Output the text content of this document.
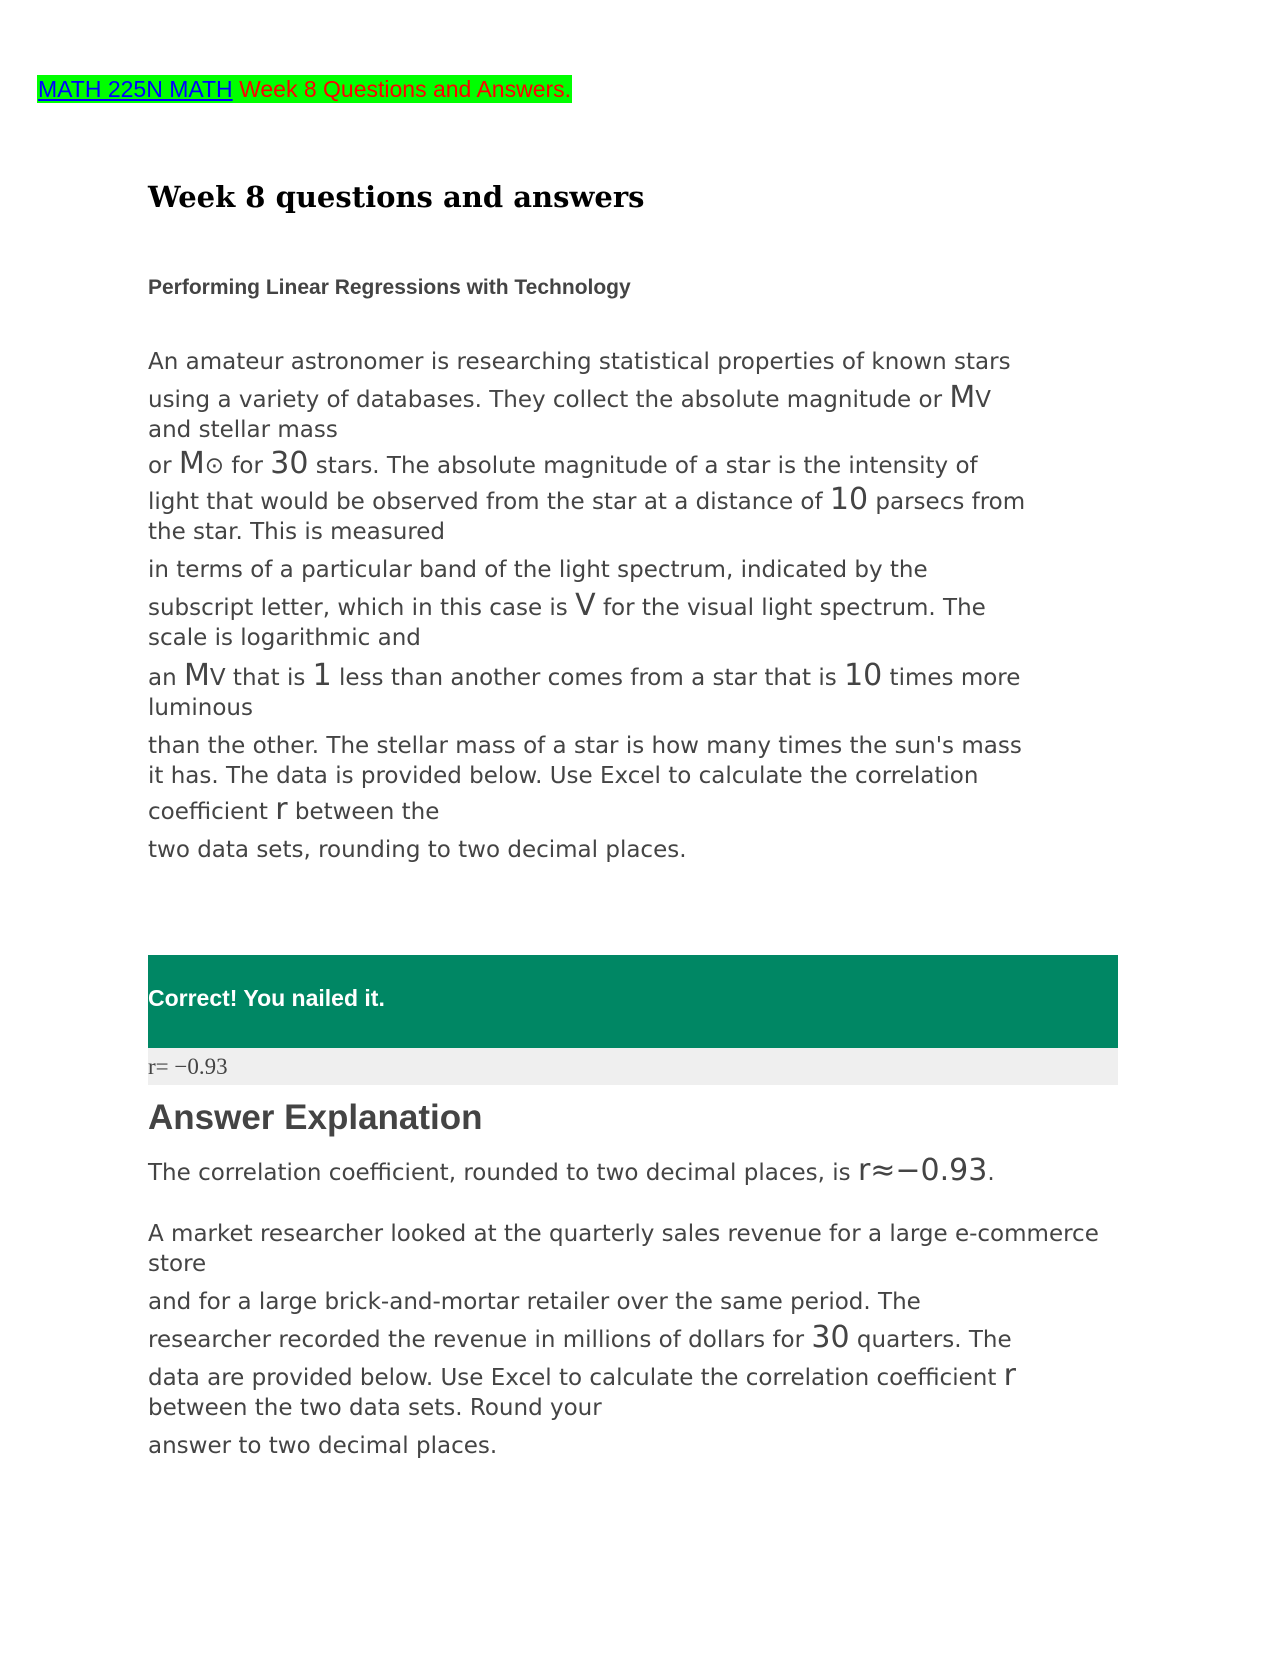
MATH 225N MATH Week 8 Questions and Answers.
Week 8 questions and answers
Performing Linear Regressions with Technology
An amateur astronomer is researching statistical properties of known stars
using a variety of databases. They collect the absolute magnitude or MV
and stellar mass
or M⊙ for 30 stars. The absolute magnitude of a star is the intensity of
light that would be observed from the star at a distance of 10 parsecs from
the star. This is measured
in terms of a particular band of the light spectrum, indicated by the
subscript letter, which in this case is V for the visual light spectrum. The
scale is logarithmic and
an MV that is 1 less than another comes from a star that is 10 times more
luminous
than the other. The stellar mass of a star is how many times the sun's mass
it has. The data is provided below. Use Excel to calculate the correlation
coefficient r between the
two data sets, rounding to two decimal places.
Correct! You nailed it.
r= −0.93
Answer Explanation
The correlation coefficient, rounded to two decimal places, is r≈−0.93.
A market researcher looked at the quarterly sales revenue for a large e-commerce
store
and for a large brick-and-mortar retailer over the same period. The
researcher recorded the revenue in millions of dollars for 30 quarters. The
data are provided below. Use Excel to calculate the correlation coefficient r
between the two data sets. Round your
answer to two decimal places.
